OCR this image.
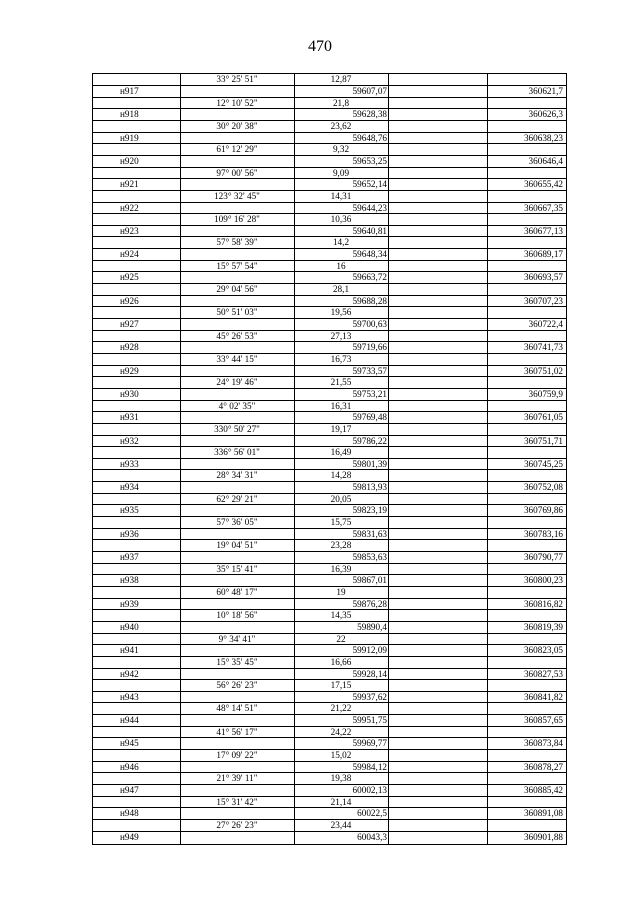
470
33° 25' 51"	12,87
н917	59607,07	360621,7
12° 10' 52"	21,8
н918	59628,38	360626,3
30° 20' 38"	23,62
н919	59648,76	360638,23
61° 12' 29"	9,32
н920	59653,25	360646,4
97° 00' 56"	9,09
н921	59652,14	360655,42
123° 32' 45"	14,31
н922	59644,23	360667,35
109° 16' 28"	10,36
н923	59640,81	360677,13
57° 58' 39"	14,2
н924	59648,34	360689,17
15° 57' 54"	16
н925	59663,72	360693,57
29° 04' 56"	28,1
н926	59688,28	360707,23
50° 51' 03"	19,56
н927	59700,63	360722,4
45° 26' 53"	27,13
н928	59719,66	360741,73
33° 44' 15"	16,73
н929	59733,57	360751,02
24° 19' 46"	21,55
н930	59753,21	360759,9
4° 02' 35"	16,31
н931	59769,48	360761,05
330° 50' 27"	19,17
н932	59786,22	360751,71
336° 56' 01"	16,49
н933	59801,39	360745,25
28° 34' 31"	14,28
н934	59813,93	360752,08
62° 29' 21"	20,05
н935	59823,19	360769,86
57° 36' 05"	15,75
н936	59831,63	360783,16
19° 04' 51"	23,28
н937	59853,63	360790,77
35° 15' 41"	16,39
н938	59867,01	360800,23
60° 48' 17"	19
н939	59876,28	360816,82
10° 18' 56"	14,35
н940	59890,4	360819,39
9° 34' 41"	22
н941	59912,09	360823,05
15° 35' 45"	16,66
н942	59928,14	360827,53
56° 26' 23"	17,15
н943	59937,62	360841,82
48° 14' 51"	21,22
н944	59951,75	360857,65
41° 56' 17"	24,22
н945	59969,77	360873,84
17° 09' 22"	15,02
н946	59984,12	360878,27
21° 39' 11"	19,38
н947	60002,13	360885,42
15° 31' 42"	21,14
н948	60022,5	360891,08
27° 26' 23"	23,44
н949	60043,3	360901,88
